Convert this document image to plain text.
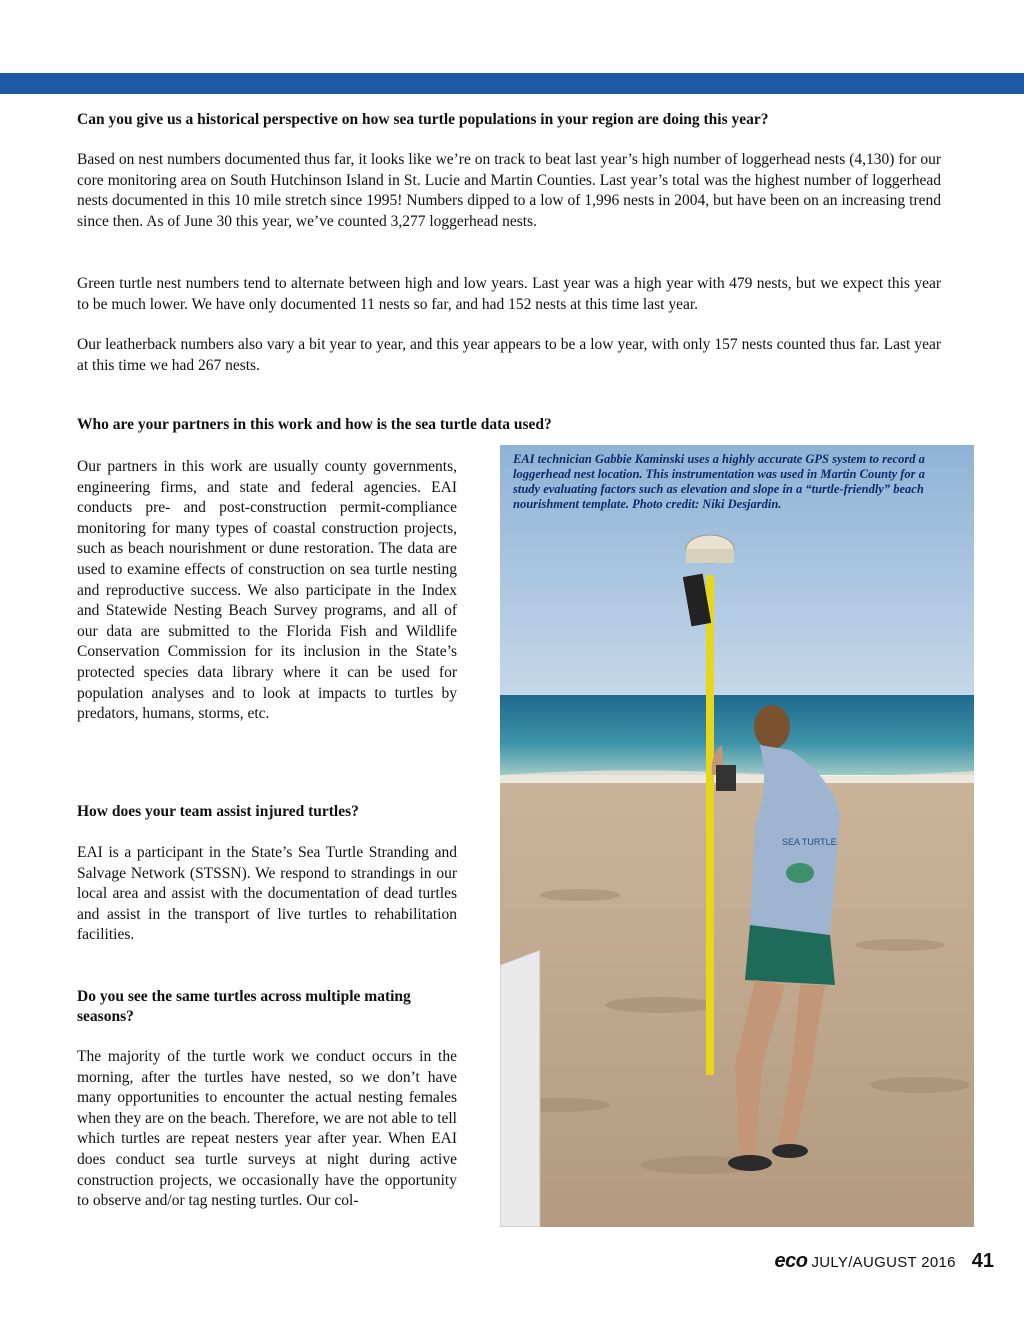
Can you give us a historical perspective on how sea turtle populations in your region are doing this year?

Based on nest numbers documented thus far, it looks like we’re on track to beat last year’s high number of loggerhead nests (4,130) for our core monitoring area on South Hutchinson Island in St. Lucie and Martin Counties. Last year’s total was the highest number of loggerhead nests documented in this 10 mile stretch since 1995! Numbers dipped to a low of 1,996 nests in 2004, but have been on an increasing trend since then. As of June 30 this year, we’ve counted 3,277 loggerhead nests.

Green turtle nest numbers tend to alternate between high and low years. Last year was a high year with 479 nests, but we expect this year to be much lower. We have only documented 11 nests so far, and had 152 nests at this time last year.

Our leatherback numbers also vary a bit year to year, and this year appears to be a low year, with only 157 nests counted thus far. Last year at this time we had 267 nests.

Who are your partners in this work and how is the sea turtle data used?

Our partners in this work are usually county governments, engineering firms, and state and federal agencies. EAI conducts pre- and post-construction permit-compliance monitoring for many types of coastal construction projects, such as beach nourishment or dune restoration. The data are used to examine effects of construction on sea turtle nesting and reproductive success. We also participate in the Index and Statewide Nesting Beach Survey programs, and all of our data are submitted to the Florida Fish and Wildlife Conservation Commission for its inclusion in the State’s protected species data library where it can be used for population analyses and to look at impacts to turtles by predators, humans, storms, etc.

How does your team assist injured turtles?

EAI is a participant in the State’s Sea Turtle Stranding and Salvage Network (STSSN). We respond to strandings in our local area and assist with the documentation of dead turtles and assist in the transport of live turtles to rehabilitation facilities.

Do you see the same turtles across multiple mating seasons?

The majority of the turtle work we conduct occurs in the morning, after the turtles have nested, so we don’t have many opportunities to encounter the actual nesting females when they are on the beach. Therefore, we are not able to tell which turtles are repeat nesters year after year. When EAI does conduct sea turtle surveys at night during active construction projects, we occasionally have the opportunity to observe and/or tag nesting turtles. Our col-

SEA TURTLE

EAI technician Gabbie Kaminski uses a highly accurate GPS system to record a loggerhead nest location. This instrumentation was used in Martin County for a study evaluating factors such as elevation and slope in a “turtle-friendly” beach nourishment template. Photo credit: Niki Desjardin.

eco JULY/AUGUST 2016 41
